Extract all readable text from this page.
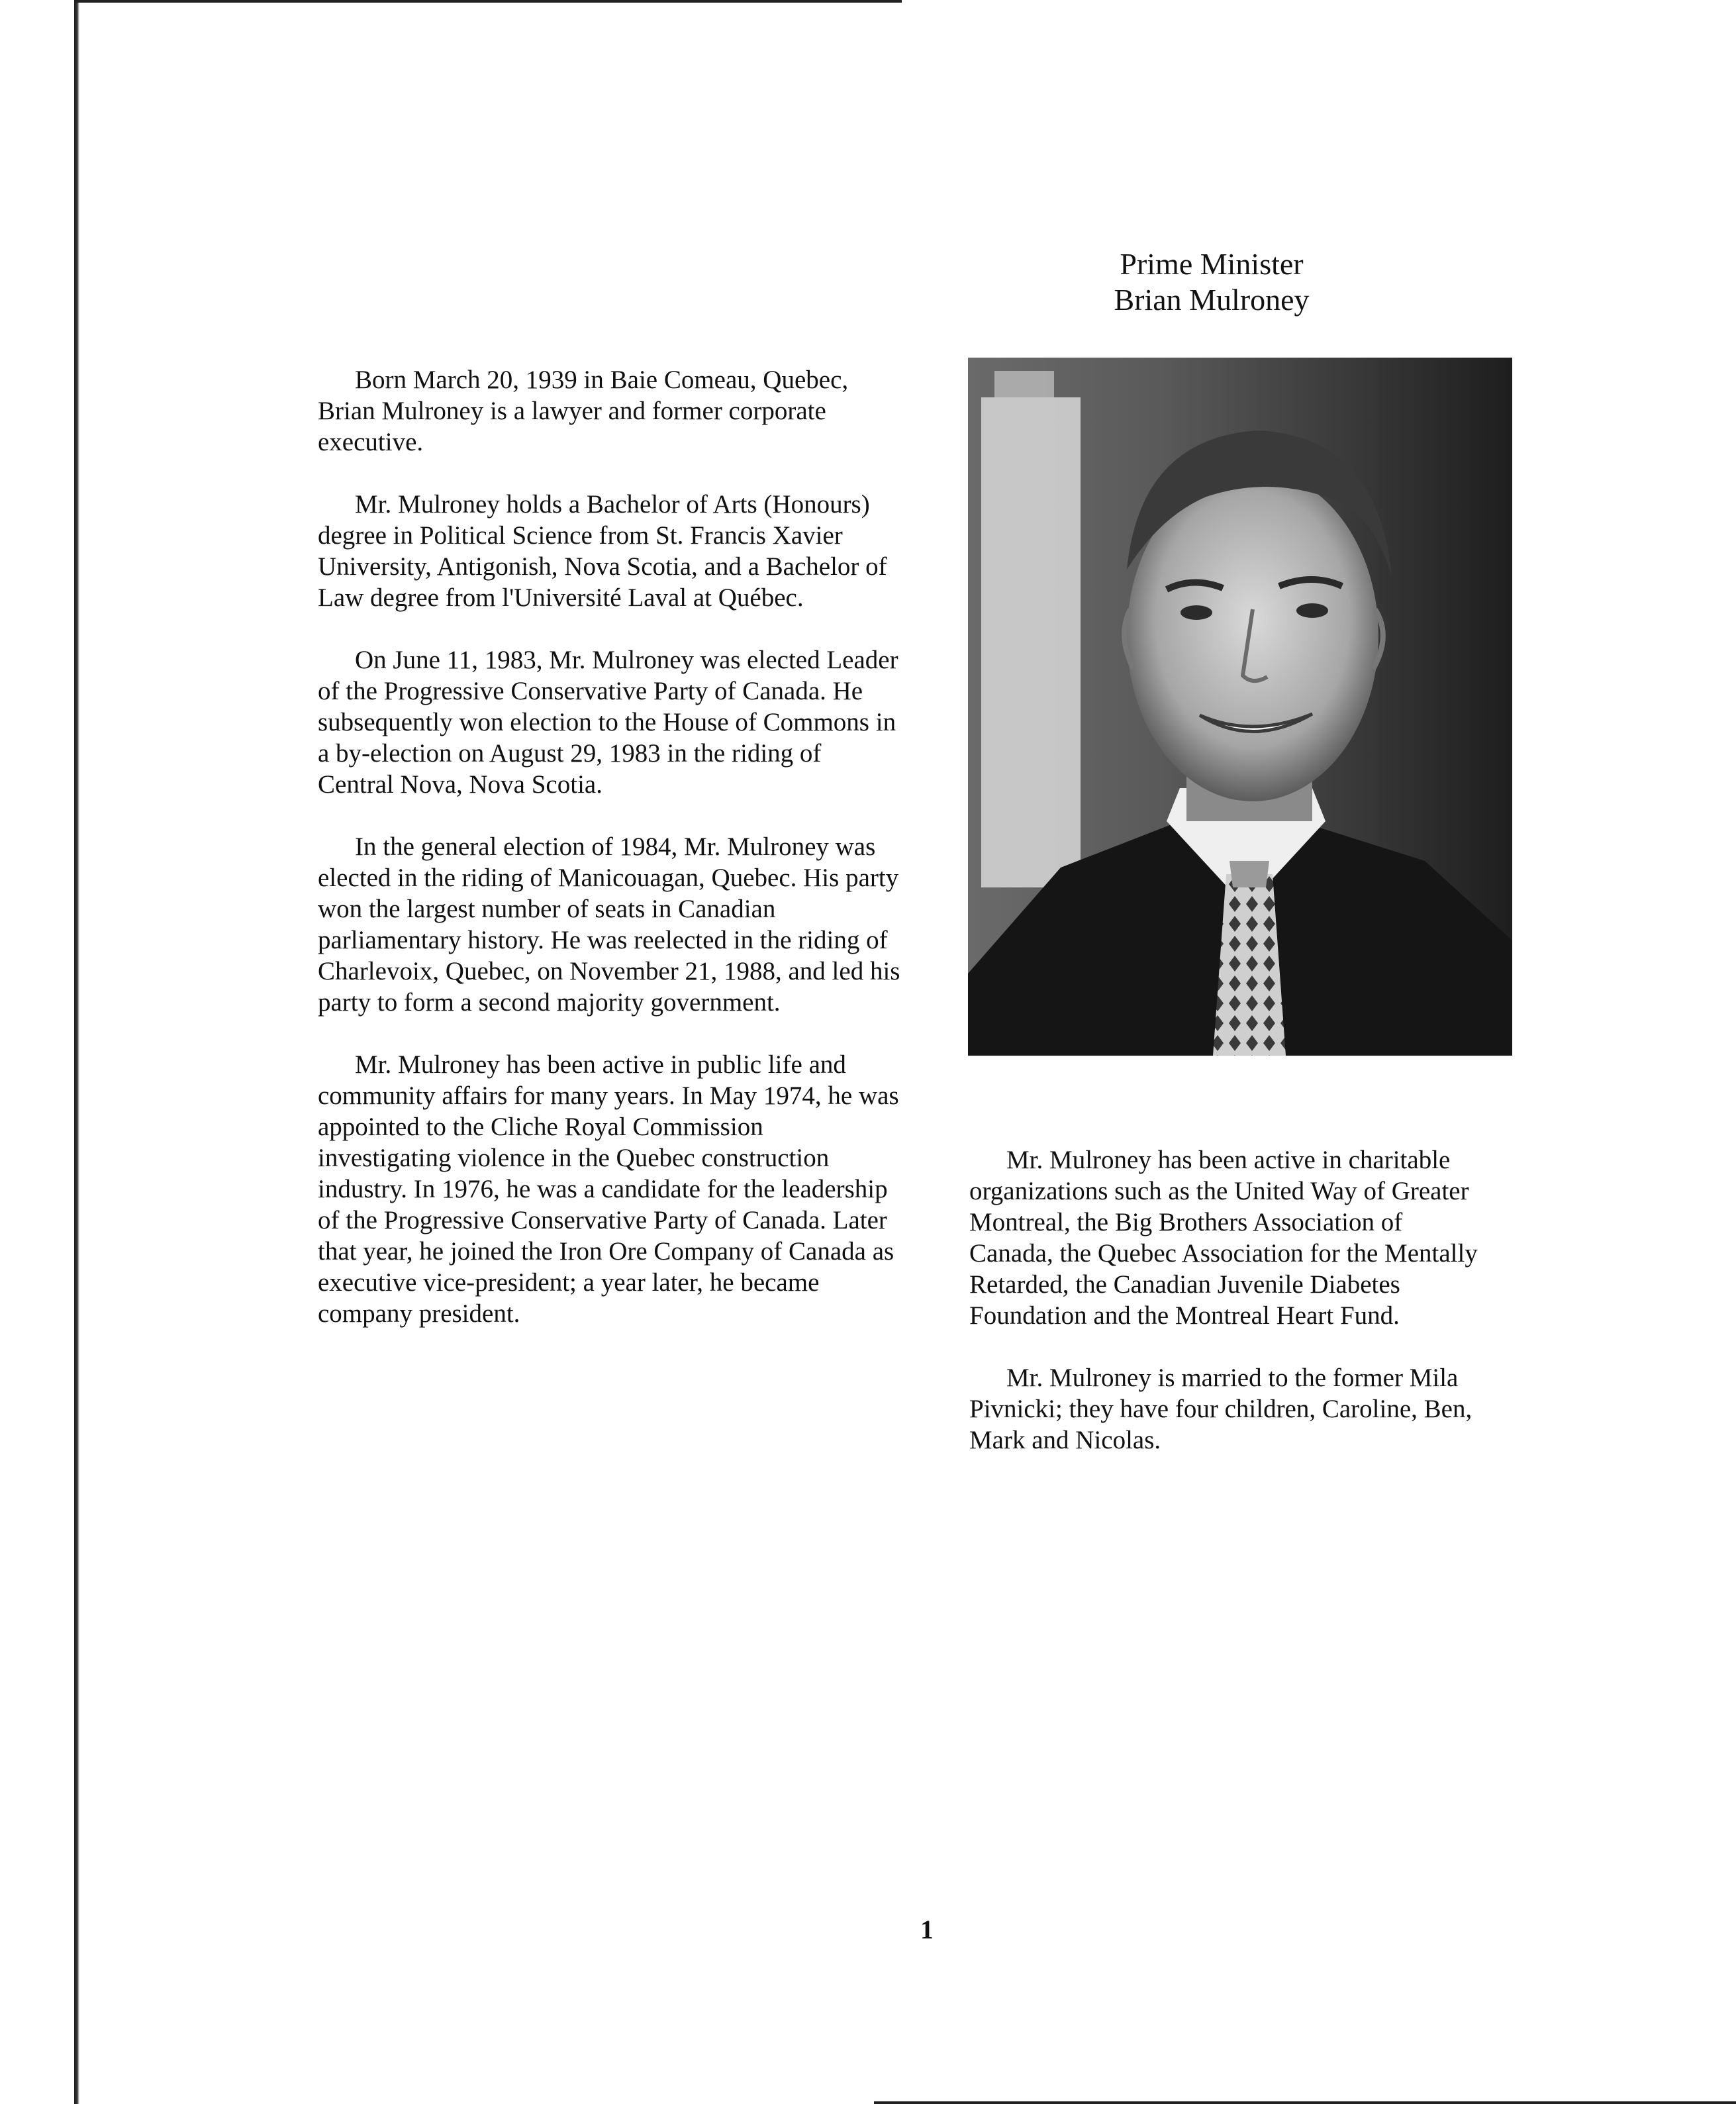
Prime Minister
Brian Mulroney

Born March 20, 1939 in Baie Comeau, Quebec, Brian Mulroney is a lawyer and former corporate executive.

Mr. Mulroney holds a Bachelor of Arts (Honours) degree in Political Science from St. Francis Xavier University, Antigonish, Nova Scotia, and a Bachelor of Law degree from l'Université Laval at Québec.

On June 11, 1983, Mr. Mulroney was elected Leader of the Progressive Conservative Party of Canada. He subsequently won election to the House of Commons in a by-election on August 29, 1983 in the riding of Central Nova, Nova Scotia.

In the general election of 1984, Mr. Mulroney was elected in the riding of Manicouagan, Quebec. His party won the largest number of seats in Canadian parliamentary history. He was reelected in the riding of Charlevoix, Quebec, on November 21, 1988, and led his party to form a second majority government.

Mr. Mulroney has been active in public life and community affairs for many years. In May 1974, he was appointed to the Cliche Royal Commission investigating violence in the Quebec construction industry. In 1976, he was a candidate for the leadership of the Progressive Conservative Party of Canada. Later that year, he joined the Iron Ore Company of Canada as executive vice-president; a year later, he became company president.

Mr. Mulroney has been active in charitable organizations such as the United Way of Greater Montreal, the Big Brothers Association of Canada, the Quebec Association for the Mentally Retarded, the Canadian Juvenile Diabetes Foundation and the Montreal Heart Fund.

Mr. Mulroney is married to the former Mila Pivnicki; they have four children, Caroline, Ben, Mark and Nicolas.

1
